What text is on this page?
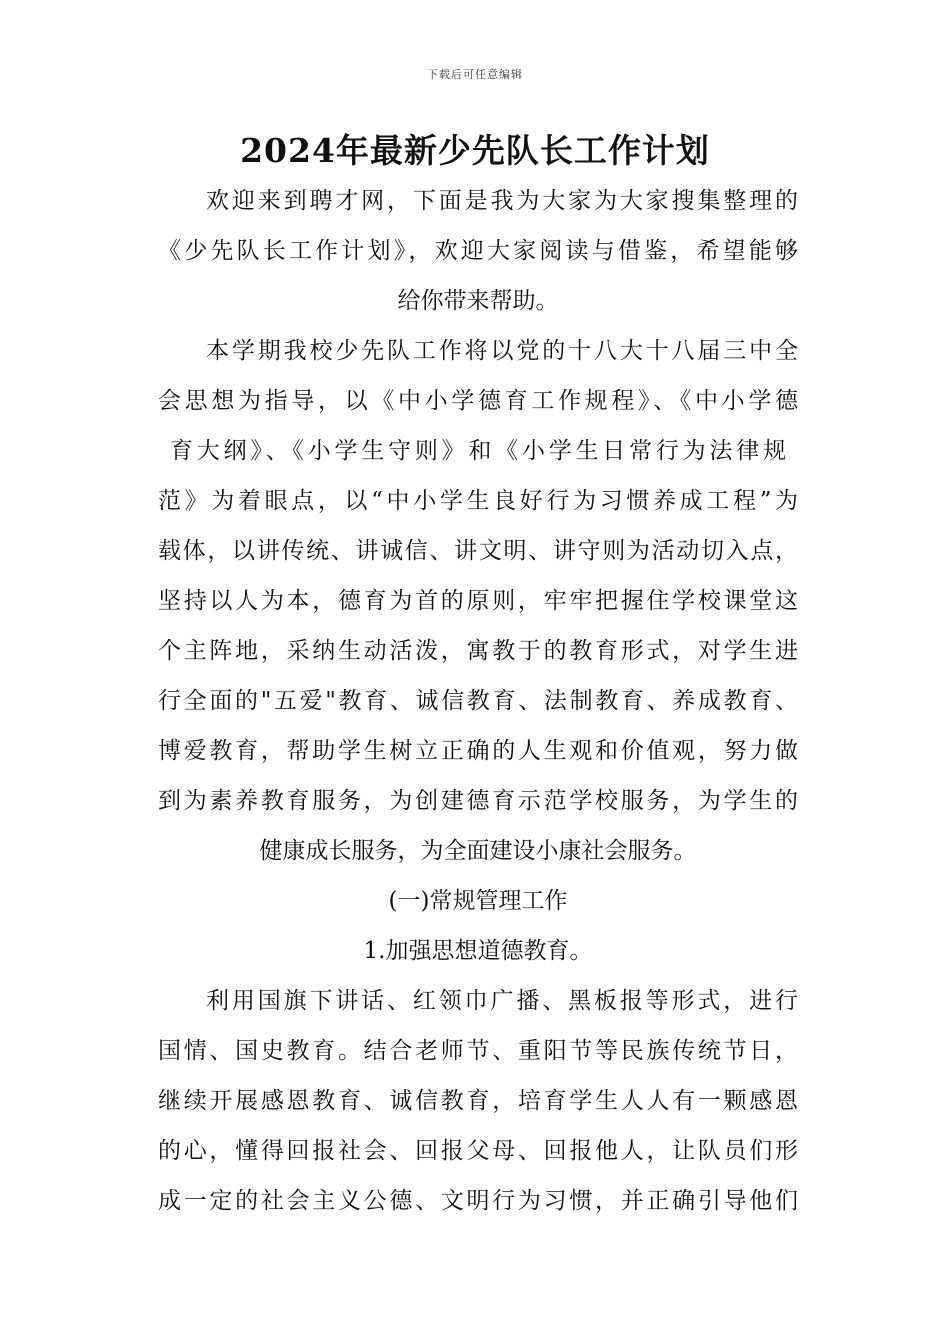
下载后可任意编辑
2024年最新少先队长工作计划
欢迎来到聘才网，下面是我为大家为大家搜集整理的
《少先队长工作计划》，欢迎大家阅读与借鉴，希望能够
给你带来帮助。
本学期我校少先队工作将以党的十八大十八届三中全
会思想为指导，以《中小学德育工作规程》、《中小学德
育大纲》、《小学生守则》和《小学生日常行为法律规
范》为着眼点，以“中小学生良好行为习惯养成工程”为
载体，以讲传统、讲诚信、讲文明、讲守则为活动切入点，
坚持以人为本，德育为首的原则，牢牢把握住学校课堂这
个主阵地，采纳生动活泼，寓教于的教育形式，对学生进
行全面的"五爱"教育、诚信教育、法制教育、养成教育、
博爱教育，帮助学生树立正确的人生观和价值观，努力做
到为素养教育服务，为创建德育示范学校服务，为学生的
健康成长服务，为全面建设小康社会服务。
(一)常规管理工作
1.加强思想道德教育。
利用国旗下讲话、红领巾广播、黑板报等形式，进行
国情、国史教育。结合老师节、重阳节等民族传统节日，
继续开展感恩教育、诚信教育，培育学生人人有一颗感恩
的心，懂得回报社会、回报父母、回报他人，让队员们形
成一定的社会主义公德、文明行为习惯，并正确引导他们
